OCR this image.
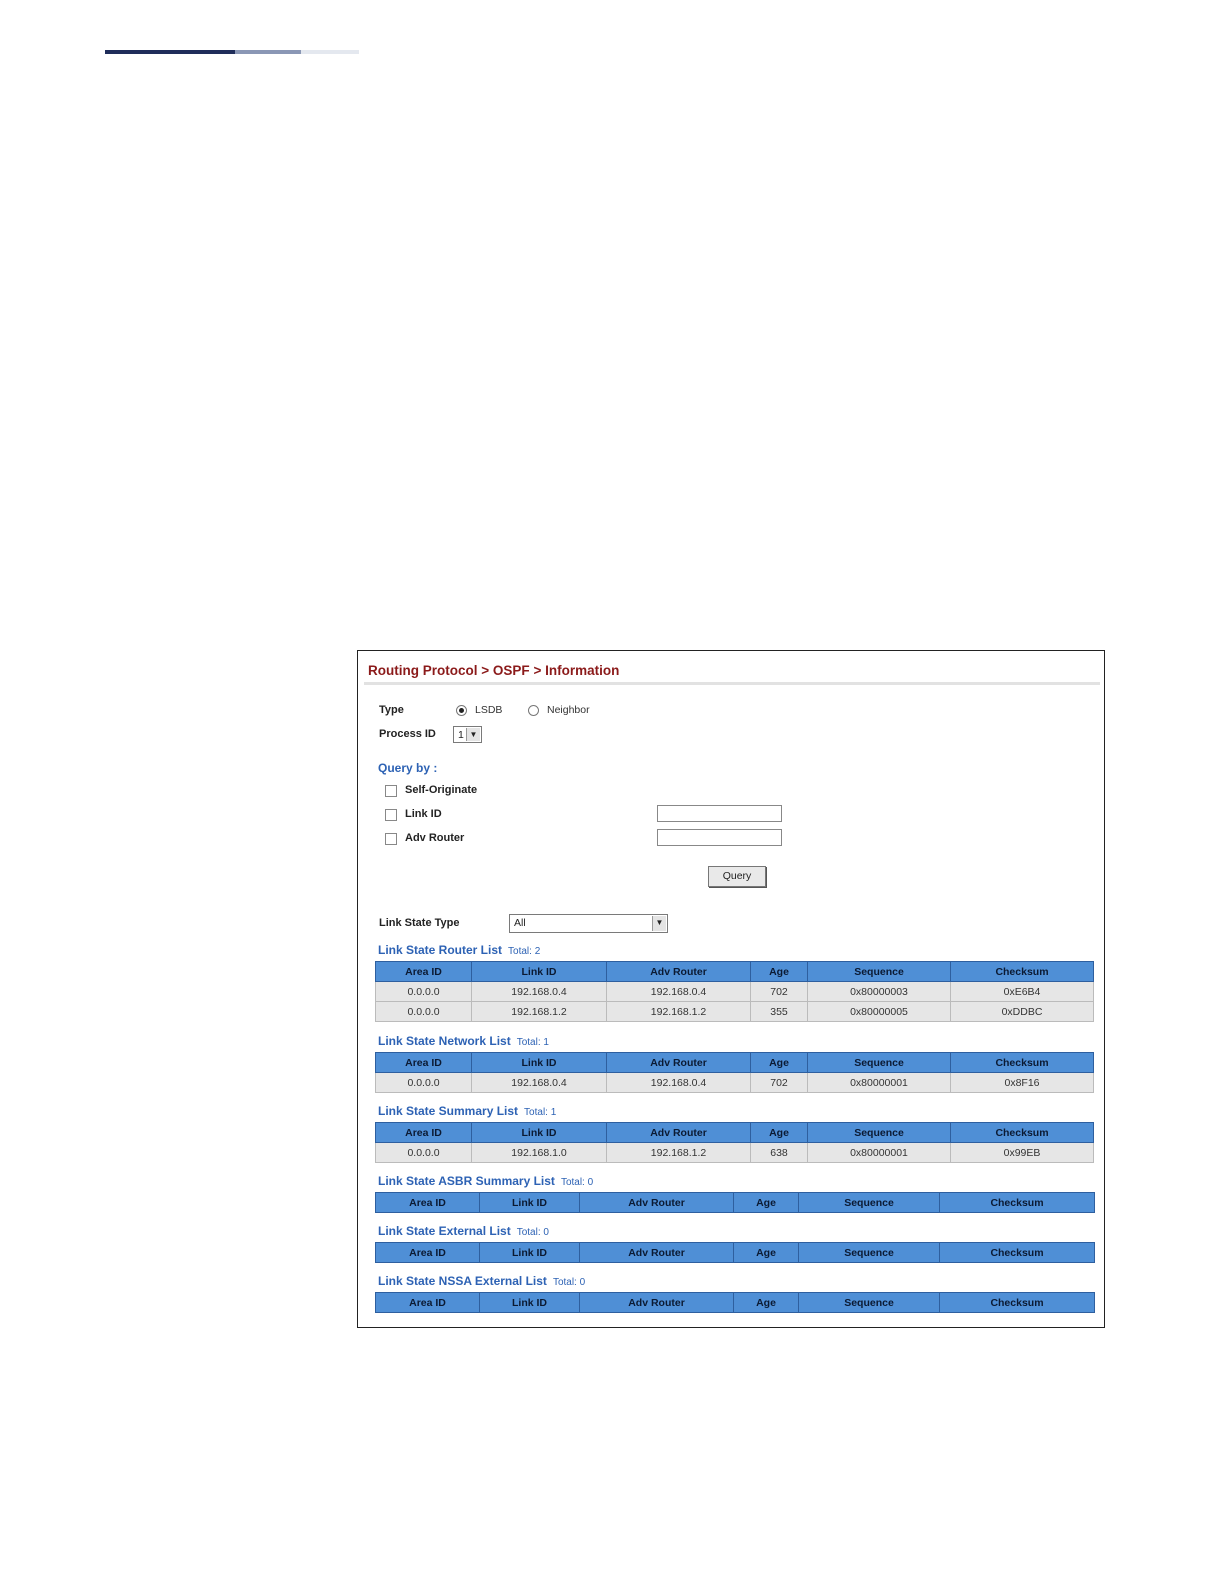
Routing Protocol > OSPF > Information
Type	LSDB	Neighbor
Process ID 1 ▼
Query by :
Self-Originate
Link ID
Adv Router
Query
Link State Type	All	▼
Link State Router List Total: 2
Area ID	Link ID	Adv Router	Age	Sequence	Checksum
0.0.0.0	192.168.0.4	192.168.0.4	702	0x80000003	0xE6B4
0.0.0.0	192.168.1.2	192.168.1.2	355	0x80000005	0xDDBC
Link State Network List Total: 1
Area ID	Link ID	Adv Router	Age	Sequence	Checksum
0.0.0.0	192.168.0.4	192.168.0.4	702	0x80000001	0x8F16
Link State Summary List Total: 1
Area ID	Link ID	Adv Router	Age	Sequence	Checksum
0.0.0.0	192.168.1.0	192.168.1.2	638	0x80000001	0x99EB
Link State ASBR Summary List Total: 0
Area ID	Link ID	Adv Router	Age	Sequence	Checksum
Link State External List Total: 0
Area ID	Link ID	Adv Router	Age	Sequence	Checksum
Link State NSSA External List Total: 0
Area ID	Link ID	Adv Router	Age	Sequence	Checksum
